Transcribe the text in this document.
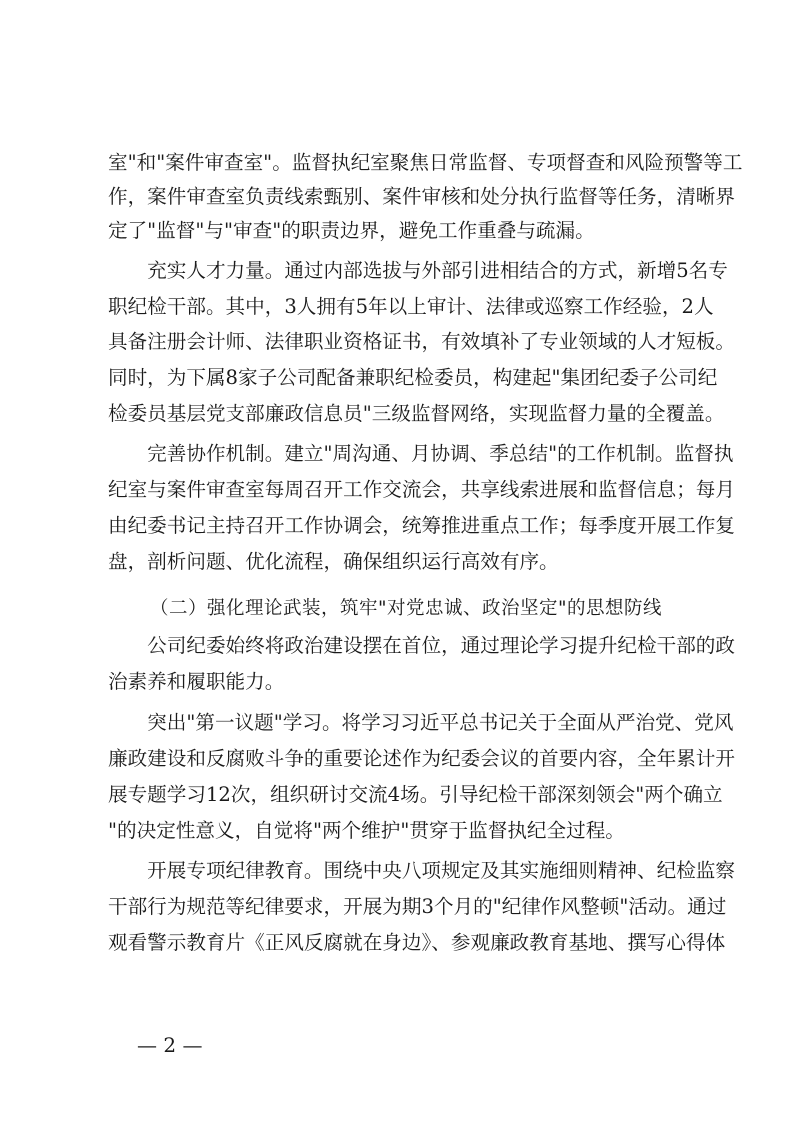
室"和"案件审查室"。监督执纪室聚焦日常监督、专项督查和风险预警等工
作，案件审查室负责线索甄别、案件审核和处分执行监督等任务，清晰界
定了"监督"与"审查"的职责边界，避免工作重叠与疏漏。
　　充实人才力量。通过内部选拔与外部引进相结合的方式，新增5名专
职纪检干部。其中，3人拥有5年以上审计、法律或巡察工作经验，2人
具备注册会计师、法律职业资格证书，有效填补了专业领域的人才短板。
同时，为下属8家子公司配备兼职纪检委员，构建起"集团纪委子公司纪
检委员基层党支部廉政信息员"三级监督网络，实现监督力量的全覆盖。
　　完善协作机制。建立"周沟通、月协调、季总结"的工作机制。监督执
纪室与案件审查室每周召开工作交流会，共享线索进展和监督信息；每月
由纪委书记主持召开工作协调会，统筹推进重点工作；每季度开展工作复
盘，剖析问题、优化流程，确保组织运行高效有序。
（二）强化理论武装，筑牢"对党忠诚、政治坚定"的思想防线
　　公司纪委始终将政治建设摆在首位，通过理论学习提升纪检干部的政
治素养和履职能力。
　　突出"第一议题"学习。将学习习近平总书记关于全面从严治党、党风
廉政建设和反腐败斗争的重要论述作为纪委会议的首要内容，全年累计开
展专题学习12次，组织研讨交流4场。引导纪检干部深刻领会"两个确立
"的决定性意义，自觉将"两个维护"贯穿于监督执纪全过程。
　　开展专项纪律教育。围绕中央八项规定及其实施细则精神、纪检监察
干部行为规范等纪律要求，开展为期3个月的"纪律作风整顿"活动。通过
观看警示教育片《正风反腐就在身边》、参观廉政教育基地、撰写心得体
— 2 —
